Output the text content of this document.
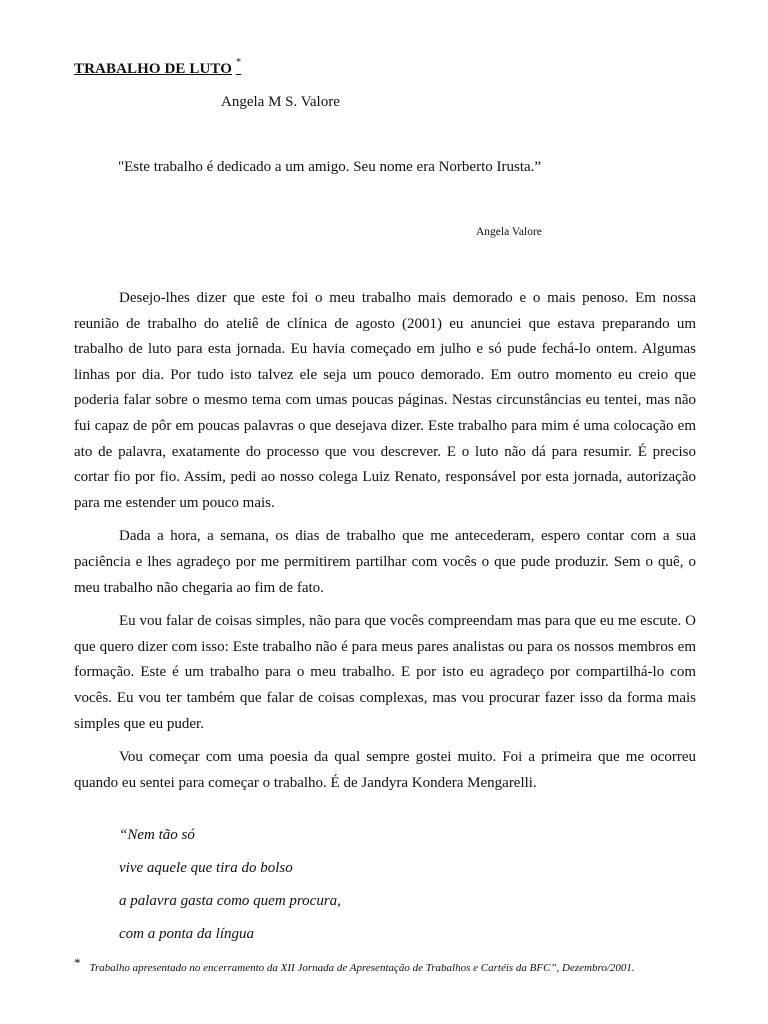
TRABALHO DE LUTO *
Angela M S. Valore
"Este trabalho é dedicado a um amigo. Seu nome era Norberto Irusta.”
Angela Valore

Desejo-lhes dizer que este foi o meu trabalho mais demorado e o mais penoso. Em nossa reunião de trabalho do ateliê de clínica de agosto (2001) eu anunciei que estava preparando um trabalho de luto para esta jornada. Eu havia começado em julho e só pude fechá-lo ontem. Algumas linhas por dia. Por tudo isto talvez ele seja um pouco demorado. Em outro momento eu creio que poderia falar sobre o mesmo tema com umas poucas páginas. Nestas circunstâncias eu tentei, mas não fui capaz de pôr em poucas palavras o que desejava dizer. Este trabalho para mim é uma colocação em ato de palavra, exatamente do processo que vou descrever. E o luto não dá para resumir. É preciso cortar fio por fio. Assim, pedi ao nosso colega Luiz Renato, responsável por esta jornada, autorização para me estender um pouco mais.

Dada a hora, a semana, os dias de trabalho que me antecederam, espero contar com a sua paciência e lhes agradeço por me permitirem partilhar com vocês o que pude produzir. Sem o quê, o meu trabalho não chegaria ao fim de fato.

Eu vou falar de coisas simples, não para que vocês compreendam mas para que eu me escute. O que quero dizer com isso: Este trabalho não é para meus pares analistas ou para os nossos membros em formação. Este é um trabalho para o meu trabalho. E por isto eu agradeço por compartilhá-lo com vocês. Eu vou ter também que falar de coisas complexas, mas vou procurar fazer isso da forma mais simples que eu puder.

Vou começar com uma poesia da qual sempre gostei muito. Foi a primeira que me ocorreu quando eu sentei para começar o trabalho. É de Jandyra Kondera Mengarelli.

“Nem tão só
vive aquele que tira do bolso
a palavra gasta como quem procura,
com a ponta da língua
* Trabalho apresentado no encerramento da XII Jornada de Apresentação de Trabalhos e Cartéis da BFC”, Dezembro/2001.
